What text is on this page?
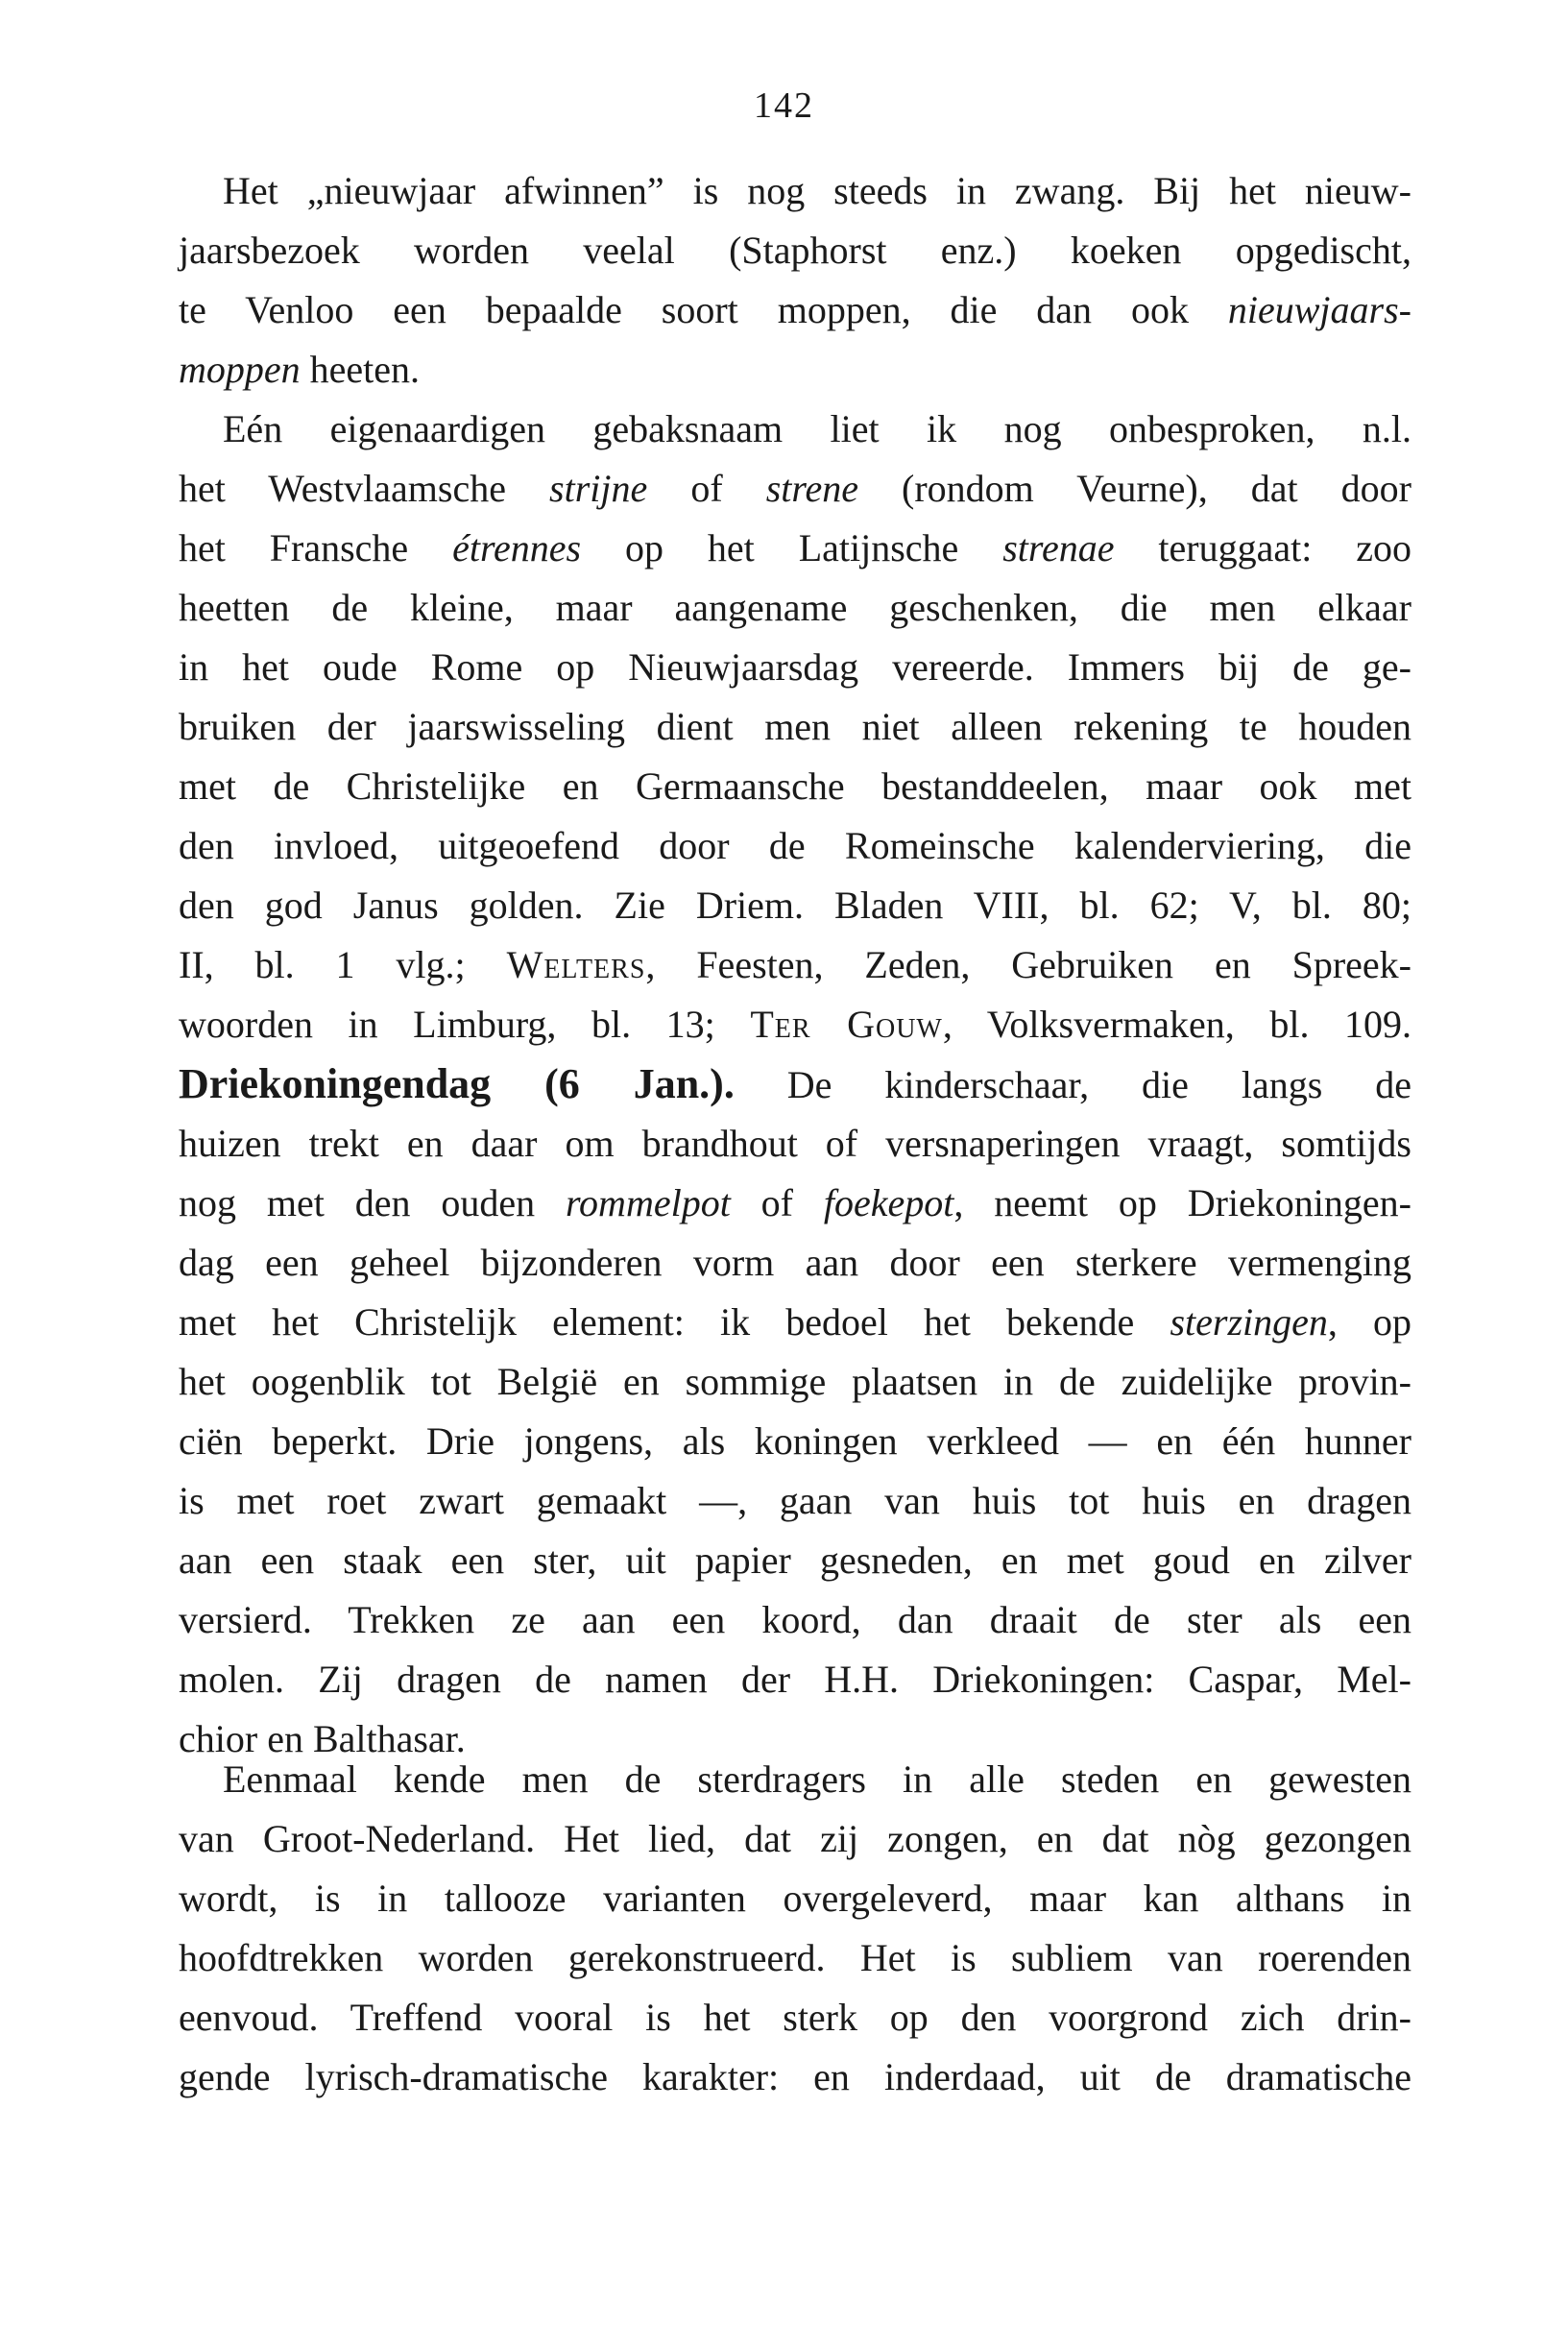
142
Het „nieuwjaar afwinnen” is nog steeds in zwang. Bij het nieuw-
jaarsbezoek worden veelal (Staphorst enz.) koeken opgedischt,
te Venloo een bepaalde soort moppen, die dan ook nieuwjaars-
moppen heeten.
Eén eigenaardigen gebaksnaam liet ik nog onbesproken, n.l.
het Westvlaamsche strijne of strene (rondom Veurne), dat door
het Fransche étrennes op het Latijnsche strenae teruggaat: zoo
heetten de kleine, maar aangename geschenken, die men elkaar
in het oude Rome op Nieuwjaarsdag vereerde. Immers bij de ge-
bruiken der jaarswisseling dient men niet alleen rekening te houden
met de Christelijke en Germaansche bestanddeelen, maar ook met
den invloed, uitgeoefend door de Romeinsche kalenderviering, die
den god Janus golden. Zie Driem. Bladen VIII, bl. 62; V, bl. 80;
II, bl. 1 vlg.; Welters, Feesten, Zeden, Gebruiken en Spreek-
woorden in Limburg, bl. 13; Ter Gouw, Volksvermaken, bl. 109.
Driekoningendag (6 Jan.). De kinderschaar, die langs de
huizen trekt en daar om brandhout of versnaperingen vraagt, somtijds
nog met den ouden rommelpot of foekepot, neemt op Driekoningen-
dag een geheel bijzonderen vorm aan door een sterkere vermenging
met het Christelijk element: ik bedoel het bekende sterzingen, op
het oogenblik tot België en sommige plaatsen in de zuidelijke provin-
ciën beperkt. Drie jongens, als koningen verkleed — en één hunner
is met roet zwart gemaakt —, gaan van huis tot huis en dragen
aan een staak een ster, uit papier gesneden, en met goud en zilver
versierd. Trekken ze aan een koord, dan draait de ster als een
molen. Zij dragen de namen der H.H. Driekoningen: Caspar, Mel-
chior en Balthasar.
Eenmaal kende men de sterdragers in alle steden en gewesten
van Groot-Nederland. Het lied, dat zij zongen, en dat nòg gezongen
wordt, is in tallooze varianten overgeleverd, maar kan althans in
hoofdtrekken worden gerekonstrueerd. Het is subliem van roerenden
eenvoud. Treffend vooral is het sterk op den voorgrond zich drin-
gende lyrisch-dramatische karakter: en inderdaad, uit de dramatische
